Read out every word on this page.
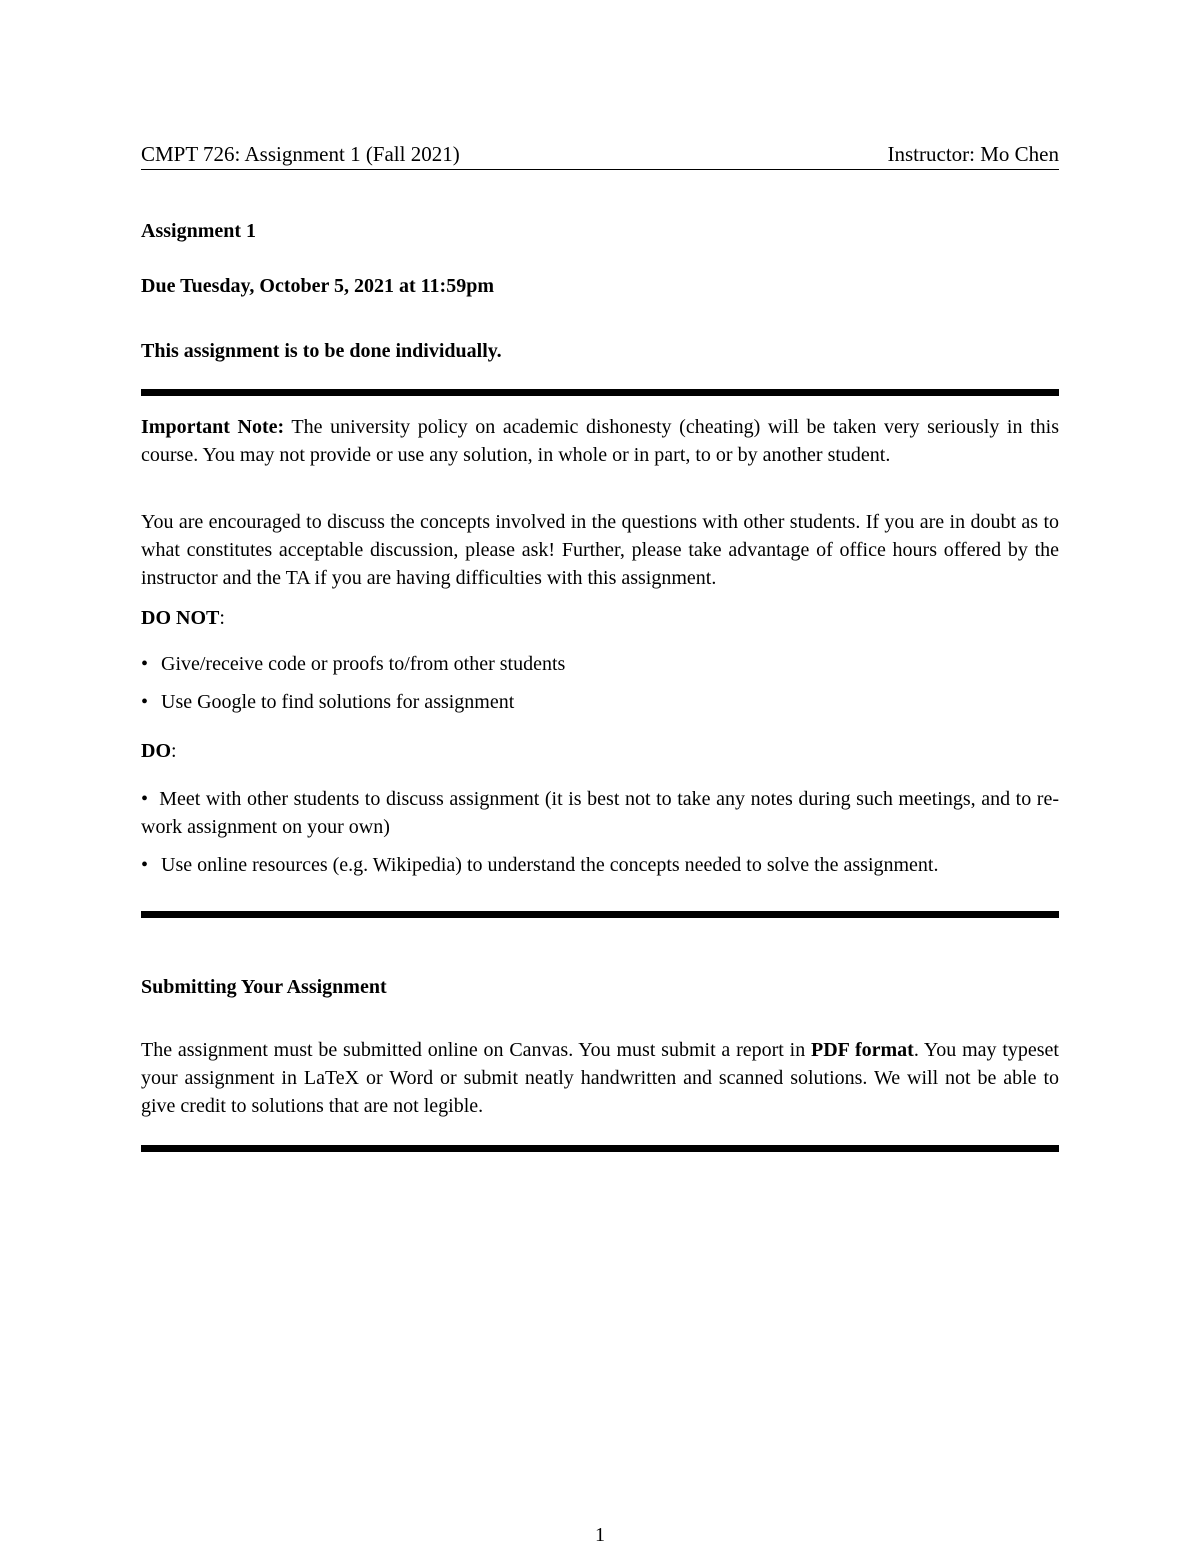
CMPT 726: Assignment 1 (Fall 2021)	Instructor: Mo Chen
Assignment 1
Due Tuesday, October 5, 2021 at 11:59pm
This assignment is to be done individually.
Important Note: The university policy on academic dishonesty (cheating) will be taken very seriously in this course. You may not provide or use any solution, in whole or in part, to or by another student.
You are encouraged to discuss the concepts involved in the questions with other students. If you are in doubt as to what constitutes acceptable discussion, please ask! Further, please take advantage of office hours offered by the instructor and the TA if you are having difficulties with this assignment.
DO NOT:
• Give/receive code or proofs to/from other students
• Use Google to find solutions for assignment
DO:
• Meet with other students to discuss assignment (it is best not to take any notes during such meetings, and to re-work assignment on your own)
• Use online resources (e.g. Wikipedia) to understand the concepts needed to solve the assignment.
Submitting Your Assignment
The assignment must be submitted online on Canvas. You must submit a report in PDF format. You may typeset your assignment in LaTeX or Word or submit neatly handwritten and scanned solutions. We will not be able to give credit to solutions that are not legible.
1
